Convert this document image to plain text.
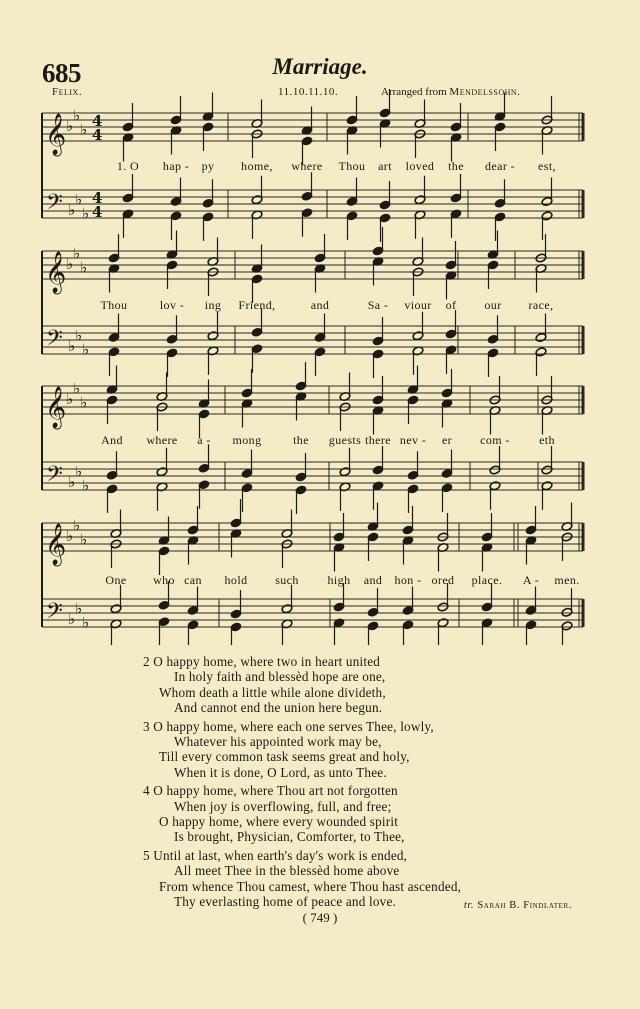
685	Marriage.
Felix.	11.10.11.10.	Arranged from Mendelssohn.
𝄞
𝄢
♭
♭
♭
♭
♭
♭
4
4
4
4
𝄞
𝄢
♭
♭
♭
♭
♭
♭
𝄞
𝄢
♭
♭
♭
♭
♭
♭
𝄞
𝄢
♭
♭
♭
♭
♭
♭
1. O hap - py home, where Thou art loved the dear - est,
Thou	lov - ing Friend,	and	Sa - viour of our race,
And where a - mong	the guests there nev - er com - eth
One who can hold such high and hon - ored place. A - men.
2 O happy home, where two in heart united
In holy faith and blessèd hope are one,
Whom death a little while alone divideth,
And cannot end the union here begun.
3 O happy home, where each one serves Thee, lowly,
Whatever his appointed work may be,
Till every common task seems great and holy,
When it is done, O Lord, as unto Thee.
4 O happy home, where Thou art not forgotten
When joy is overflowing, full, and free;
O happy home, where every wounded spirit
Is brought, Physician, Comforter, to Thee,
5 Until at last, when earth's day's work is ended,
All meet Thee in the blessèd home above
From whence Thou camest, where Thou hast ascended,
Thy everlasting home of peace and love.	tr. Sarah B. Findlater.
( 749 )
